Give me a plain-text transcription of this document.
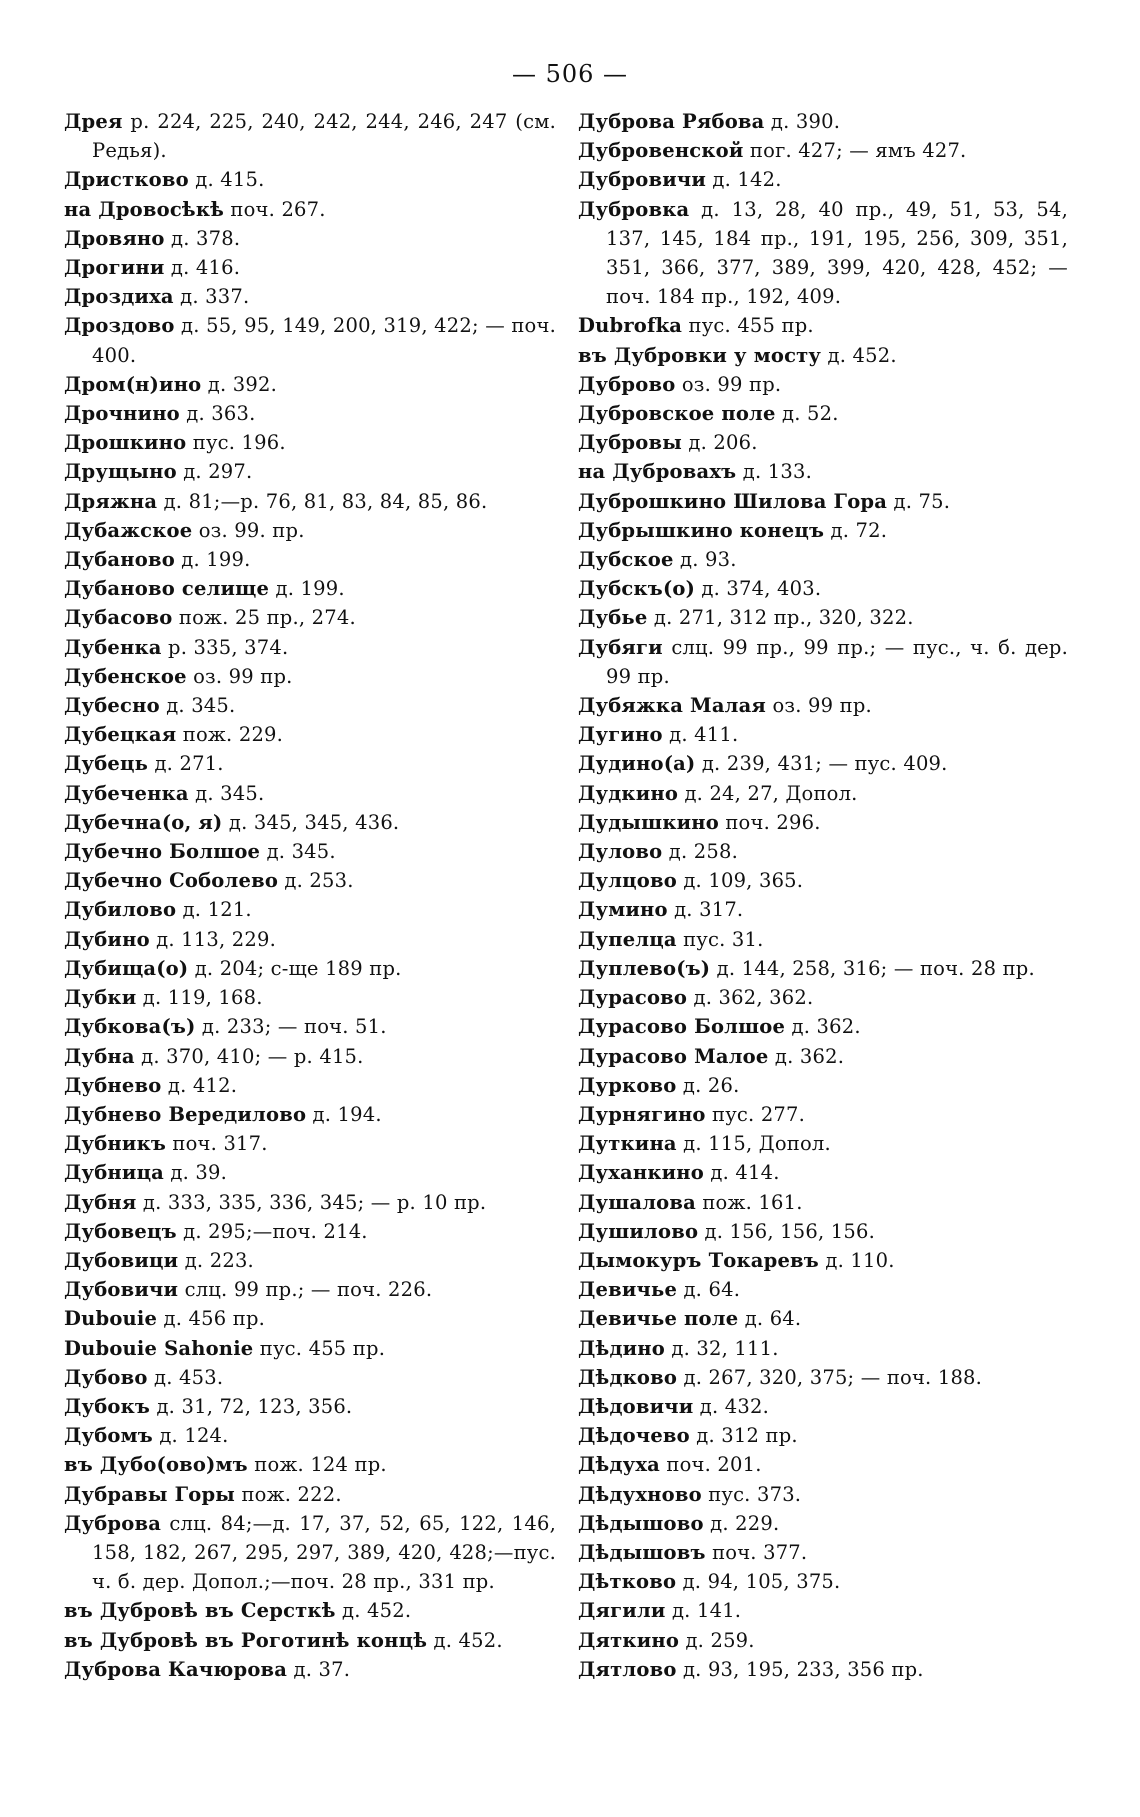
— 506 —
Дрея р. 224, 225, 240, 242, 244, 246, 247 (см. Редья).
Дристково д. 415.
на Дровосѣкѣ поч. 267.
Дровяно д. 378.
Дрогини д. 416.
Дроздиха д. 337.
Дроздово д. 55, 95, 149, 200, 319, 422; — поч. 400.
Дром(н)ино д. 392.
Дрочнино д. 363.
Дрошкино пус. 196.
Друщыно д. 297.
Дряжна д. 81;—р. 76, 81, 83, 84, 85, 86.
Дубажское оз. 99. пр.
Дубаново д. 199.
Дубаново селище д. 199.
Дубасово пож. 25 пр., 274.
Дубенка р. 335, 374.
Дубенское оз. 99 пр.
Дубесно д. 345.
Дубецкая пож. 229.
Дубець д. 271.
Дубеченка д. 345.
Дубечна(о, я) д. 345, 345, 436.
Дубечно Болшое д. 345.
Дубечно Соболево д. 253.
Дубилово д. 121.
Дубино д. 113, 229.
Дубища(о) д. 204; с-ще 189 пр.
Дубки д. 119, 168.
Дубкова(ъ) д. 233; — поч. 51.
Дубна д. 370, 410; — р. 415.
Дубнево д. 412.
Дубнево Вередилово д. 194.
Дубникъ поч. 317.
Дубница д. 39.
Дубня д. 333, 335, 336, 345; — р. 10 пр.
Дубовецъ д. 295;—поч. 214.
Дубовици д. 223.
Дубовичи слц. 99 пр.; — поч. 226.
Dubouie д. 456 пр.
Dubouie Sahonie пус. 455 пр.
Дубово д. 453.
Дубокъ д. 31, 72, 123, 356.
Дубомъ д. 124.
въ Дубо(ово)мъ пож. 124 пр.
Дубравы Горы пож. 222.
Дуброва слц. 84;—д. 17, 37, 52, 65, 122, 146, 158, 182, 267, 295, 297, 389, 420, 428;—пус. ч. б. дер. Допол.;—поч. 28 пр., 331 пр.
въ Дубровѣ въ Серсткѣ д. 452.
въ Дубровѣ въ Роготинѣ концѣ д. 452.
Дуброва Качюрова д. 37.
Дуброва Рябова д. 390.
Дубровенской пог. 427; — ямъ 427.
Дубровичи д. 142.
Дубровка д. 13, 28, 40 пр., 49, 51, 53, 54, 137, 145, 184 пр., 191, 195, 256, 309, 351, 351, 366, 377, 389, 399, 420, 428, 452; — поч. 184 пр., 192, 409.
Dubrofka пус. 455 пр.
въ Дубровки у мосту д. 452.
Дуброво оз. 99 пр.
Дубровское поле д. 52.
Дубровы д. 206.
на Дубровахъ д. 133.
Дуброшкино Шилова Гора д. 75.
Дубрышкино конецъ д. 72.
Дубское д. 93.
Дубскъ(о) д. 374, 403.
Дубье д. 271, 312 пр., 320, 322.
Дубяги слц. 99 пр., 99 пр.; — пус., ч. б. дер. 99 пр.
Дубяжка Малая оз. 99 пр.
Дугино д. 411.
Дудино(а) д. 239, 431; — пус. 409.
Дудкино д. 24, 27, Допол.
Дудышкино поч. 296.
Дулово д. 258.
Дулцово д. 109, 365.
Думино д. 317.
Дупелца пус. 31.
Дуплево(ъ) д. 144, 258, 316; — поч. 28 пр.
Дурасово д. 362, 362.
Дурасово Болшое д. 362.
Дурасово Малое д. 362.
Дурково д. 26.
Дурнягино пус. 277.
Дуткина д. 115, Допол.
Духанкино д. 414.
Душалова пож. 161.
Душилово д. 156, 156, 156.
Дымокуръ Токаревъ д. 110.
Девичье д. 64.
Девичье поле д. 64.
Дѣдино д. 32, 111.
Дѣдково д. 267, 320, 375; — поч. 188.
Дѣдовичи д. 432.
Дѣдочево д. 312 пр.
Дѣдуха поч. 201.
Дѣдухново пус. 373.
Дѣдышово д. 229.
Дѣдышовъ поч. 377.
Дѣтково д. 94, 105, 375.
Дягили д. 141.
Дяткино д. 259.
Дятлово д. 93, 195, 233, 356 пр.
